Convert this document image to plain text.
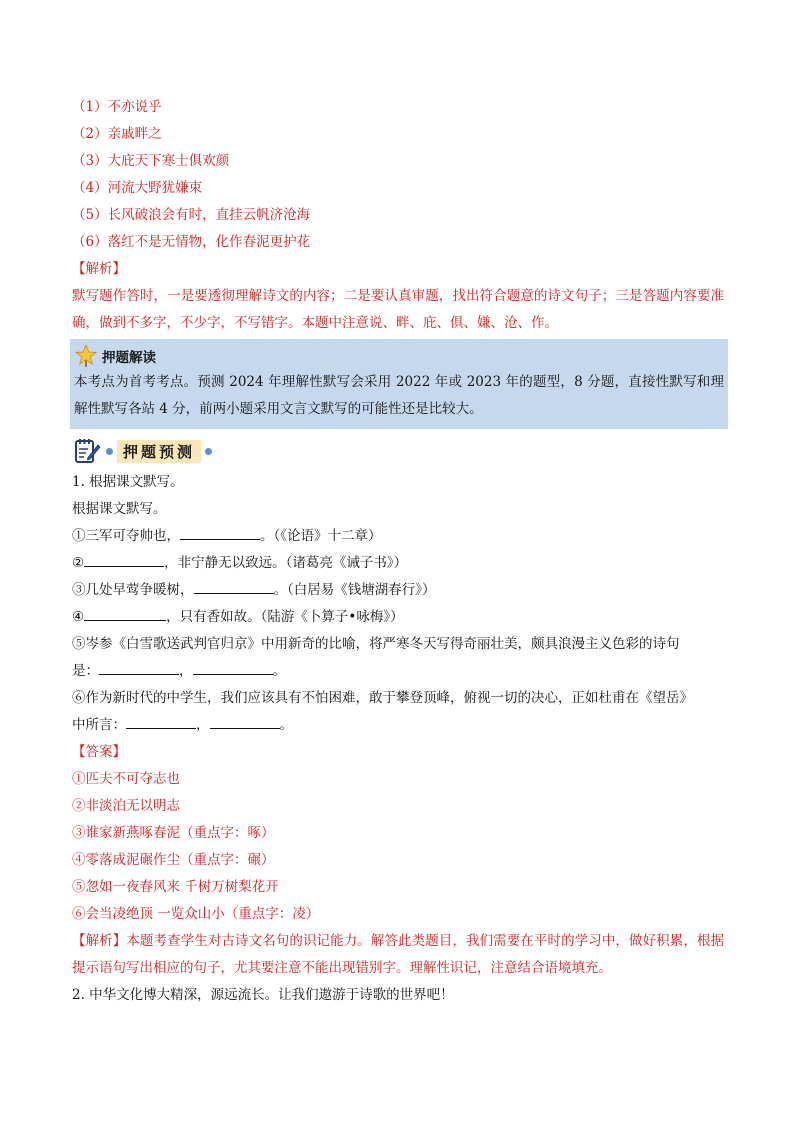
（1）不亦说乎
（2）亲戚畔之
（3）大庇天下寒士俱欢颜
（4）河流大野犹嫌束
（5）长风破浪会有时，直挂云帆济沧海
（6）落红不是无情物，化作春泥更护花
【解析】
默写题作答时，一是要透彻理解诗文的内容；二是要认真审题，找出符合题意的诗文句子；三是答题内容要准确，做到不多字，不少字，不写错字。本题中注意说、畔、庇、俱、嫌、沧、作。
押题解读
本考点为首考考点。预测 2024 年理解性默写会采用 2022 年或 2023 年的题型，8 分题，直接性默写和理解性默写各站 4 分，前两小题采用文言文默写的可能性还是比较大。
押题预测
1. 根据课文默写。
根据课文默写。
①三军可夺帅也，	。（《论语》十二章）
②	，非宁静无以致远。（诸葛亮《诫子书》）
③几处早莺争暖树，	。（白居易《钱塘湖春行》）
④	，只有香如故。（陆游《卜算子•咏梅》）
⑤岑参《白雪歌送武判官归京》中用新奇的比喻，将严寒冬天写得奇丽壮美，颇具浪漫主义色彩的诗句
是：	，	。
⑥作为新时代的中学生，我们应该具有不怕困难，敢于攀登顶峰，俯视一切的决心，正如杜甫在《望岳》
中所言：	，	。
【答案】
①匹夫不可夺志也
②非淡泊无以明志
③谁家新燕啄春泥（重点字：啄）
④零落成泥碾作尘（重点字：碾）
⑤忽如一夜春风来 千树万树梨花开
⑥会当凌绝顶 一览众山小（重点字：凌）
【解析】本题考查学生对古诗文名句的识记能力。解答此类题目，我们需要在平时的学习中，做好积累，根据提示语句写出相应的句子，尤其要注意不能出现错别字。理解性识记，注意结合语境填充。
2. 中华文化博大精深，源远流长。让我们遨游于诗歌的世界吧！
